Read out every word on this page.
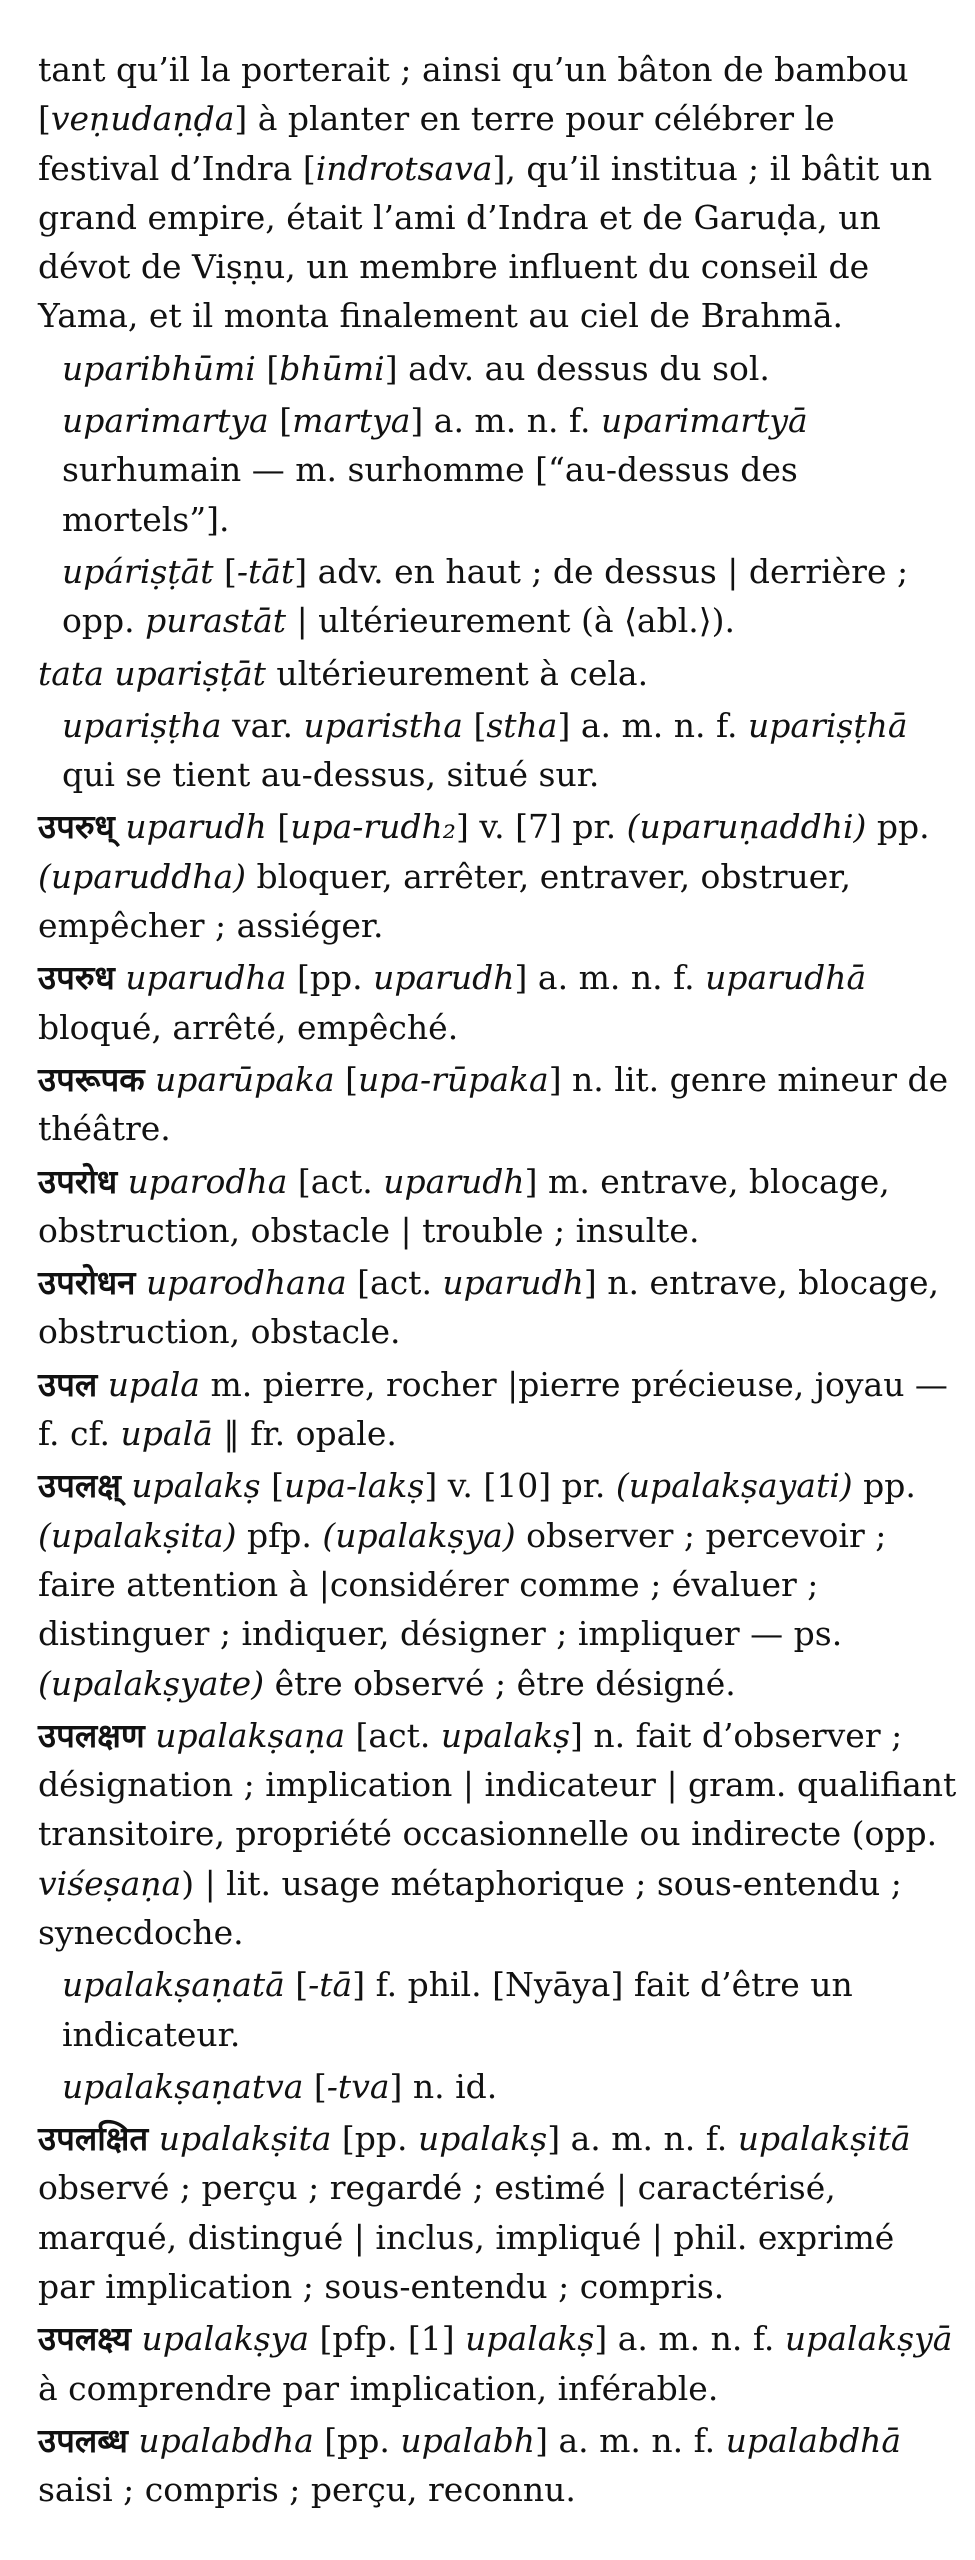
tant qu’il la porterait ; ainsi qu’un bâton de bambou [veṇudaṇḍa] à planter en terre pour célébrer le festival d’Indra [indrotsava], qu’il institua ; il bâtit un grand empire, était l’ami d’Indra et de Garuḍa, un dévot de Viṣṇu, un membre influent du conseil de Yama, et il monta finalement au ciel de Brahmā.

uparibhūmi [bhūmi] adv. au dessus du sol.

uparimartya [martya] a. m. n. f. uparimartyā surhumain — m. surhomme [“au-dessus des mortels”].

upáriṣṭāt [-tāt] adv. en haut ; de dessus | derrière ; opp. purastāt | ultérieurement (à ⟨abl.⟩).

tata upariṣṭāt ultérieurement à cela.

upariṣṭha var. uparistha [stha] a. m. n. f. upariṣṭhā qui se tient au-dessus, situé sur.

उपरुध् uparudh [upa-rudh₂] v. [7] pr. (uparuṇaddhi) pp. (uparuddha) bloquer, arrêter, entraver, obstruer, empêcher ; assiéger.

उपरुध uparudha [pp. uparudh] a. m. n. f. uparudhā bloqué, arrêté, empêché.

उपरूपक uparūpaka [upa-rūpaka] n. lit. genre mineur de théâtre.

उपरोध uparodha [act. uparudh] m. entrave, blocage, obstruction, obstacle | trouble ; insulte.

उपरोधन uparodhana [act. uparudh] n. entrave, blocage, obstruction, obstacle.

उपल upala m. pierre, rocher |pierre précieuse, joyau — f. cf. upalā ‖ fr. opale.

उपलक्ष् upalakṣ [upa-lakṣ] v. [10] pr. (upalakṣayati) pp. (upalakṣita) pfp. (upalakṣya) observer ; percevoir ; faire attention à |considérer comme ; évaluer ; distinguer ; indiquer, désigner ; impliquer — ps. (upalakṣyate) être observé ; être désigné.

उपलक्षण upalakṣaṇa [act. upalakṣ] n. fait d’observer ; désignation ; implication | indicateur | gram. qualifiant transitoire, propriété occasionnelle ou indirecte (opp. viśeṣaṇa) | lit. usage métaphorique ; sous-entendu ; synecdoche.

upalakṣaṇatā [-tā] f. phil. [Nyāya] fait d’être un indicateur.

upalakṣaṇatva [-tva] n. id.

उपलक्षित upalakṣita [pp. upalakṣ] a. m. n. f. upalakṣitā observé ; perçu ; regardé ; estimé | caractérisé, marqué, distingué | inclus, impliqué | phil. exprimé par implication ; sous-entendu ; compris.

उपलक्ष्य upalakṣya [pfp. [1] upalakṣ] a. m. n. f. upalakṣyā à comprendre par implication, inférable.

उपलब्ध upalabdha [pp. upalabh] a. m. n. f. upalabdhā saisi ; compris ; perçu, reconnu.
